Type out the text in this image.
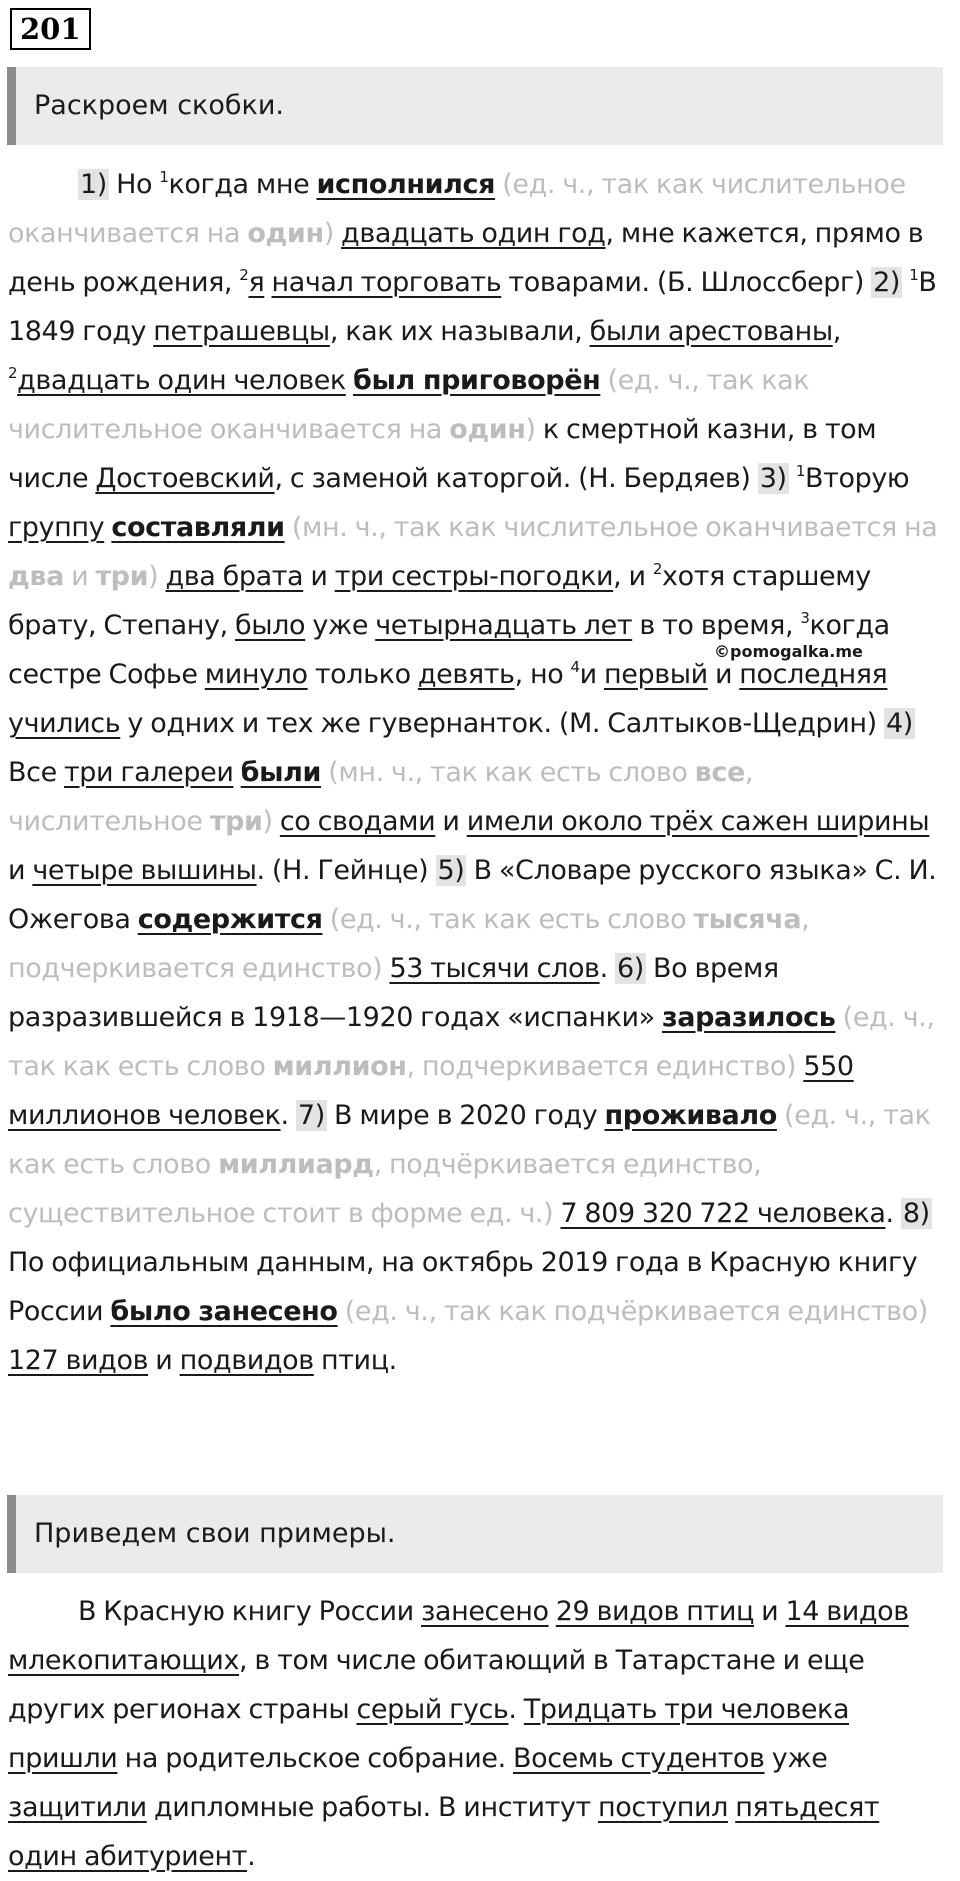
201
Раскроем скобки.
1) Но $^1$когда мне исполнился (ед. ч., так как числительное оканчивается на один) двадцать один год, мне кажется, прямо в день рождения, $^2$я начал торговать товарами. (Б. Шлоссберг) 2) $^1$В 1849 году петрашевцы, как их называли, были арестованы, $^2$двадцать один человек был приговорён (ед. ч., так как числительное оканчивается на один) к смертной казни, в том числе Достоевский, с заменой каторгой. (Н. Бердяев) 3) $^1$Вторую группу составляли (мн. ч., так как числительное оканчивается на два и три) два брата и три сестры-погодки, и $^2$хотя старшему брату, Степану, было уже четырнадцать лет в то время, $^3$когда сестре Софье минуло только девять, но $^4$и первый и последняя учились у одних и тех же гувернанток. (М. Салтыков-Щедрин) 4) Все три галереи были (мн. ч., так как есть слово все, числительное три) со сводами и имели около трёх сажен ширины и четыре вышины. (Н. Гейнце) 5) В «Словаре русского языка» С. И. Ожегова содержится (ед. ч., так как есть слово тысяча, подчеркивается единство) 53 тысячи слов. 6) Во время разразившейся в 1918—1920 годах «испанки» заразилось (ед. ч., так как есть слово миллион, подчеркивается единство) 550 миллионов человек. 7) В мире в 2020 году проживало (ед. ч., так как есть слово миллиард, подчёркивается единство, существительное стоит в форме ед. ч.) 7 809 320 722 человека. 8) По официальным данным, на октябрь 2019 года в Красную книгу России было занесено (ед. ч., так как подчёркивается единство) 127 видов и подвидов птиц.
©pomogalka.me
Приведем свои примеры.
В Красную книгу России занесено 29 видов птиц и 14 видов млекопитающих, в том числе обитающий в Татарстане и еще других регионах страны серый гусь. Тридцать три человека пришли на родительское собрание. Восемь студентов уже защитили дипломные работы. В институт поступил пятьдесят один абитуриент.
